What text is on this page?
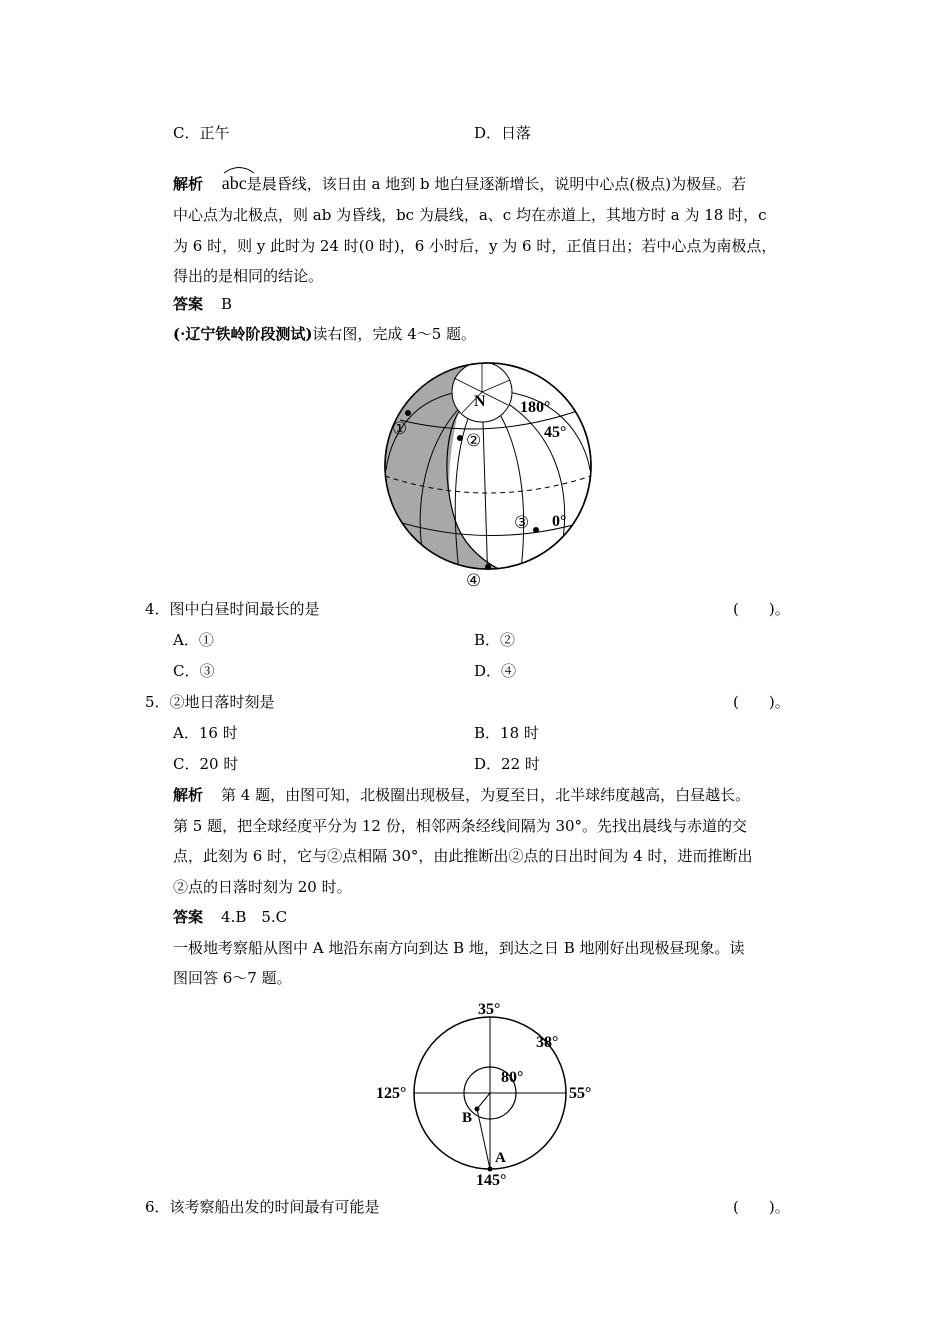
C．正午	D．日落
解析 abc是晨昏线，该日由 a 地到 b 地白昼逐渐增长，说明中心点(极点)为极昼。若
中心点为北极点，则 ab 为昏线，bc 为晨线，a、c 均在赤道上，其地方时 a 为 18 时，c
为 6 时，则 y 此时为 24 时(0 时)，6 小时后，y 为 6 时，正值日出；若中心点为南极点，
得出的是相同的结论。
答案 B
(·辽宁铁岭阶段测试)读右图，完成 4～5 题。
N 180°
45°
0°
①
②
③
④
4．图中白昼时间最长的是	(　　)。
A．①	B．②
C．③	D．④
5．②地日落时刻是	(　　)。
A．16 时	B．18 时
C．20 时	D．22 时
解析 第 4 题，由图可知，北极圈出现极昼，为夏至日，北半球纬度越高，白昼越长。
第 5 题，把全球经度平分为 12 份，相邻两条经线间隔为 30°。先找出晨线与赤道的交
点，此刻为 6 时，它与②点相隔 30°，由此推断出②点的日出时间为 4 时，进而推断出
②点的日落时刻为 20 时。
答案 4.B　5.C
一极地考察船从图中 A 地沿东南方向到达 B 地，到达之日 B 地刚好出现极昼现象。读
图回答 6～7 题。
35°
38°
125°	55°
145°
80°
A
B
6．该考察船出发的时间最有可能是	(　　)。
